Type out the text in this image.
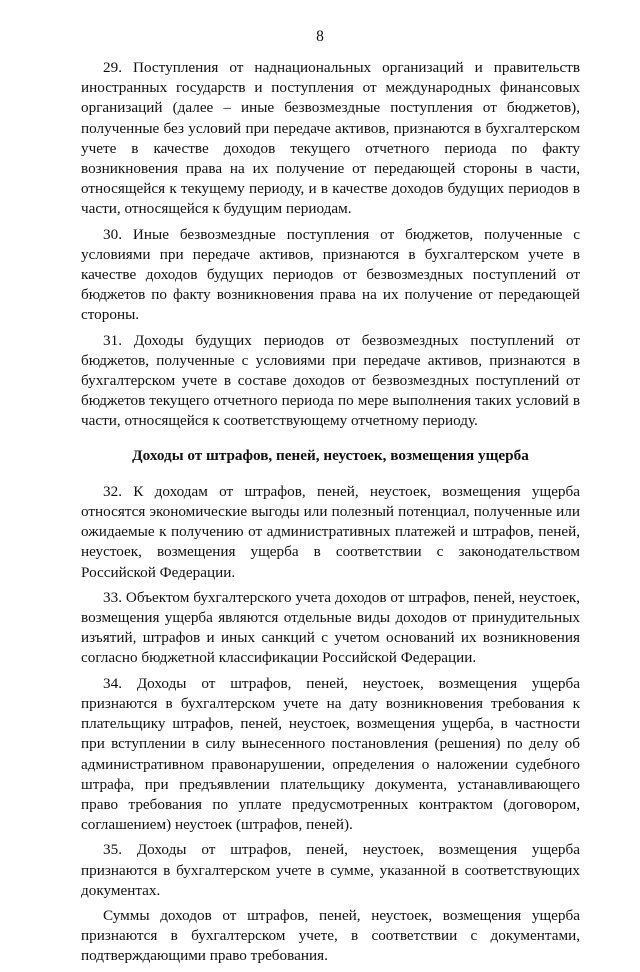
8

29. Поступления от наднациональных организаций и правительств иностранных государств и поступления от международных финансовых организаций (далее – иные безвозмездные поступления от бюджетов), полученные без условий при передаче активов, признаются в бухгалтерском учете в качестве доходов текущего отчетного периода по факту возникновения права на их получение от передающей стороны в части, относящейся к текущему периоду, и в качестве доходов будущих периодов в части, относящейся к будущим периодам.

30. Иные безвозмездные поступления от бюджетов, полученные с условиями при передаче активов, признаются в бухгалтерском учете в качестве доходов будущих периодов от безвозмездных поступлений от бюджетов по факту возникновения права на их получение от передающей стороны.

31. Доходы будущих периодов от безвозмездных поступлений от бюджетов, полученные с условиями при передаче активов, признаются в бухгалтерском учете в составе доходов от безвозмездных поступлений от бюджетов текущего отчетного периода по мере выполнения таких условий в части, относящейся к соответствующему отчетному периоду.

Доходы от штрафов, пеней, неустоек, возмещения ущерба

32. К доходам от штрафов, пеней, неустоек, возмещения ущерба относятся экономические выгоды или полезный потенциал, полученные или ожидаемые к получению от административных платежей и штрафов, пеней, неустоек, возмещения ущерба в соответствии с законодательством Российской Федерации.

33. Объектом бухгалтерского учета доходов от штрафов, пеней, неустоек, возмещения ущерба являются отдельные виды доходов от принудительных изъятий, штрафов и иных санкций с учетом оснований их возникновения согласно бюджетной классификации Российской Федерации.

34. Доходы от штрафов, пеней, неустоек, возмещения ущерба признаются в бухгалтерском учете на дату возникновения требования к плательщику штрафов, пеней, неустоек, возмещения ущерба, в частности при вступлении в силу вынесенного постановления (решения) по делу об административном правонарушении, определения о наложении судебного штрафа, при предъявлении плательщику документа, устанавливающего право требования по уплате предусмотренных контрактом (договором, соглашением) неустоек (штрафов, пеней).

35. Доходы от штрафов, пеней, неустоек, возмещения ущерба признаются в бухгалтерском учете в сумме, указанной в соответствующих документах.

Суммы доходов от штрафов, пеней, неустоек, возмещения ущерба признаются в бухгалтерском учете, в соответствии с документами, подтверждающими право требования.
